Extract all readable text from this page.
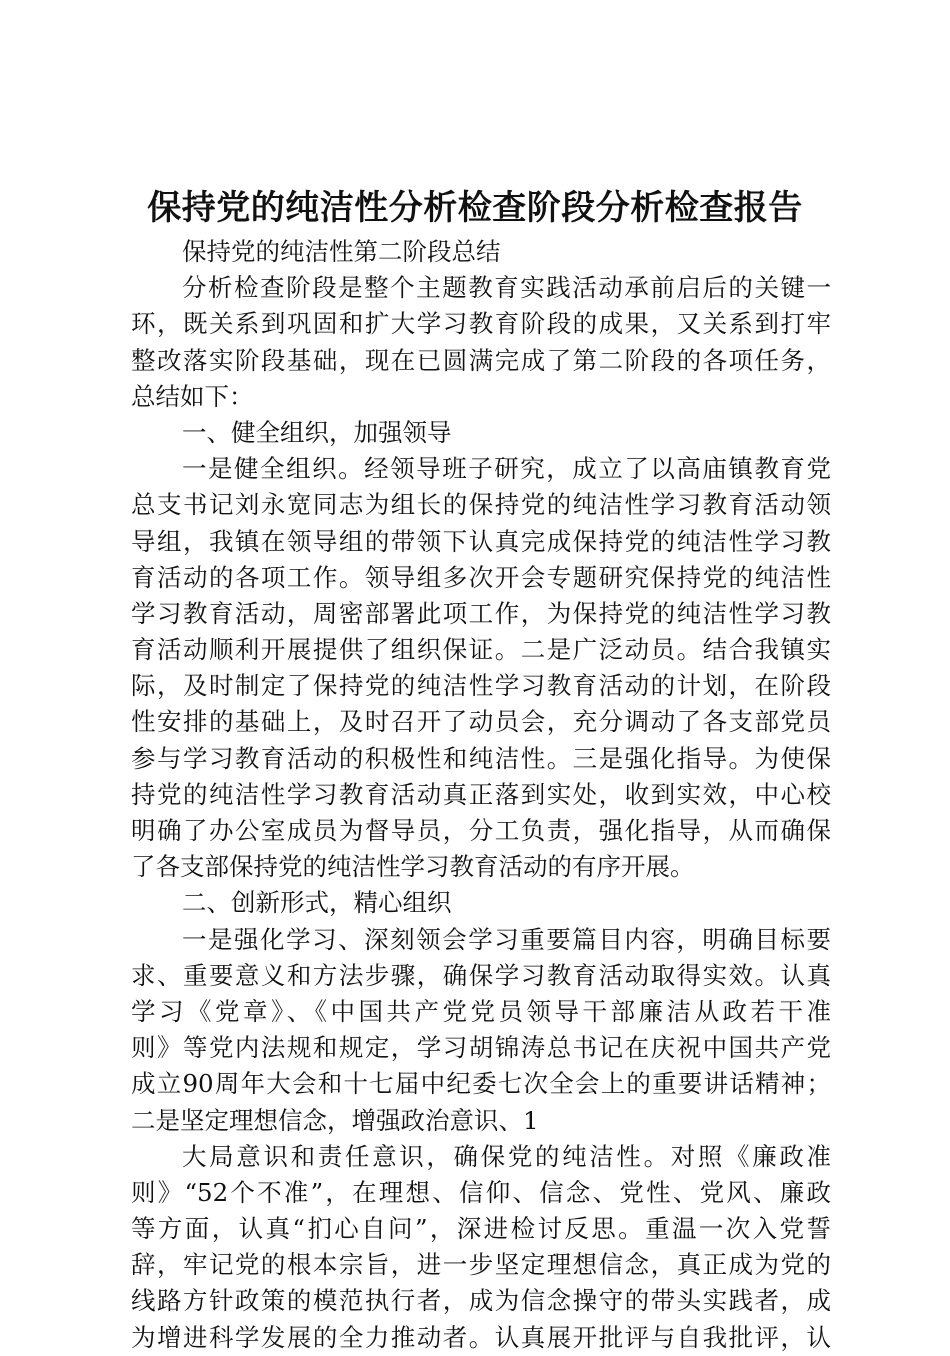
保持党的纯洁性分析检查阶段分析检查报告
保持党的纯洁性第二阶段总结
分析检查阶段是整个主题教育实践活动承前启后的关键一
环，既关系到巩固和扩大学习教育阶段的成果，又关系到打牢
整改落实阶段基础，现在已圆满完成了第二阶段的各项任务，
总结如下：
一、健全组织，加强领导
一是健全组织。经领导班子研究，成立了以高庙镇教育党
总支书记刘永宽同志为组长的保持党的纯洁性学习教育活动领
导组，我镇在领导组的带领下认真完成保持党的纯洁性学习教
育活动的各项工作。领导组多次开会专题研究保持党的纯洁性
学习教育活动，周密部署此项工作，为保持党的纯洁性学习教
育活动顺利开展提供了组织保证。二是广泛动员。结合我镇实
际，及时制定了保持党的纯洁性学习教育活动的计划，在阶段
性安排的基础上，及时召开了动员会，充分调动了各支部党员
参与学习教育活动的积极性和纯洁性。三是强化指导。为使保
持党的纯洁性学习教育活动真正落到实处，收到实效，中心校
明确了办公室成员为督导员，分工负责，强化指导，从而确保
了各支部保持党的纯洁性学习教育活动的有序开展。
二、创新形式，精心组织
一是强化学习、深刻领会学习重要篇目内容，明确目标要
求、重要意义和方法步骤，确保学习教育活动取得实效。认真
学习《党章》、《中国共产党党员领导干部廉洁从政若干准
则》等党内法规和规定，学习胡锦涛总书记在庆祝中国共产党
成立90周年大会和十七届中纪委七次全会上的重要讲话精神；
二是坚定理想信念，增强政治意识、1
大局意识和责任意识，确保党的纯洁性。对照《廉政准
则》“52个不准”，在理想、信仰、信念、党性、党风、廉政
等方面，认真“扪心自问”，深进检讨反思。重温一次入党誓
辞，牢记党的根本宗旨，进一步坚定理想信念，真正成为党的
线路方针政策的模范执行者，成为信念操守的带头实践者，成
为增进科学发展的全力推动者。认真展开批评与自我批评，认
